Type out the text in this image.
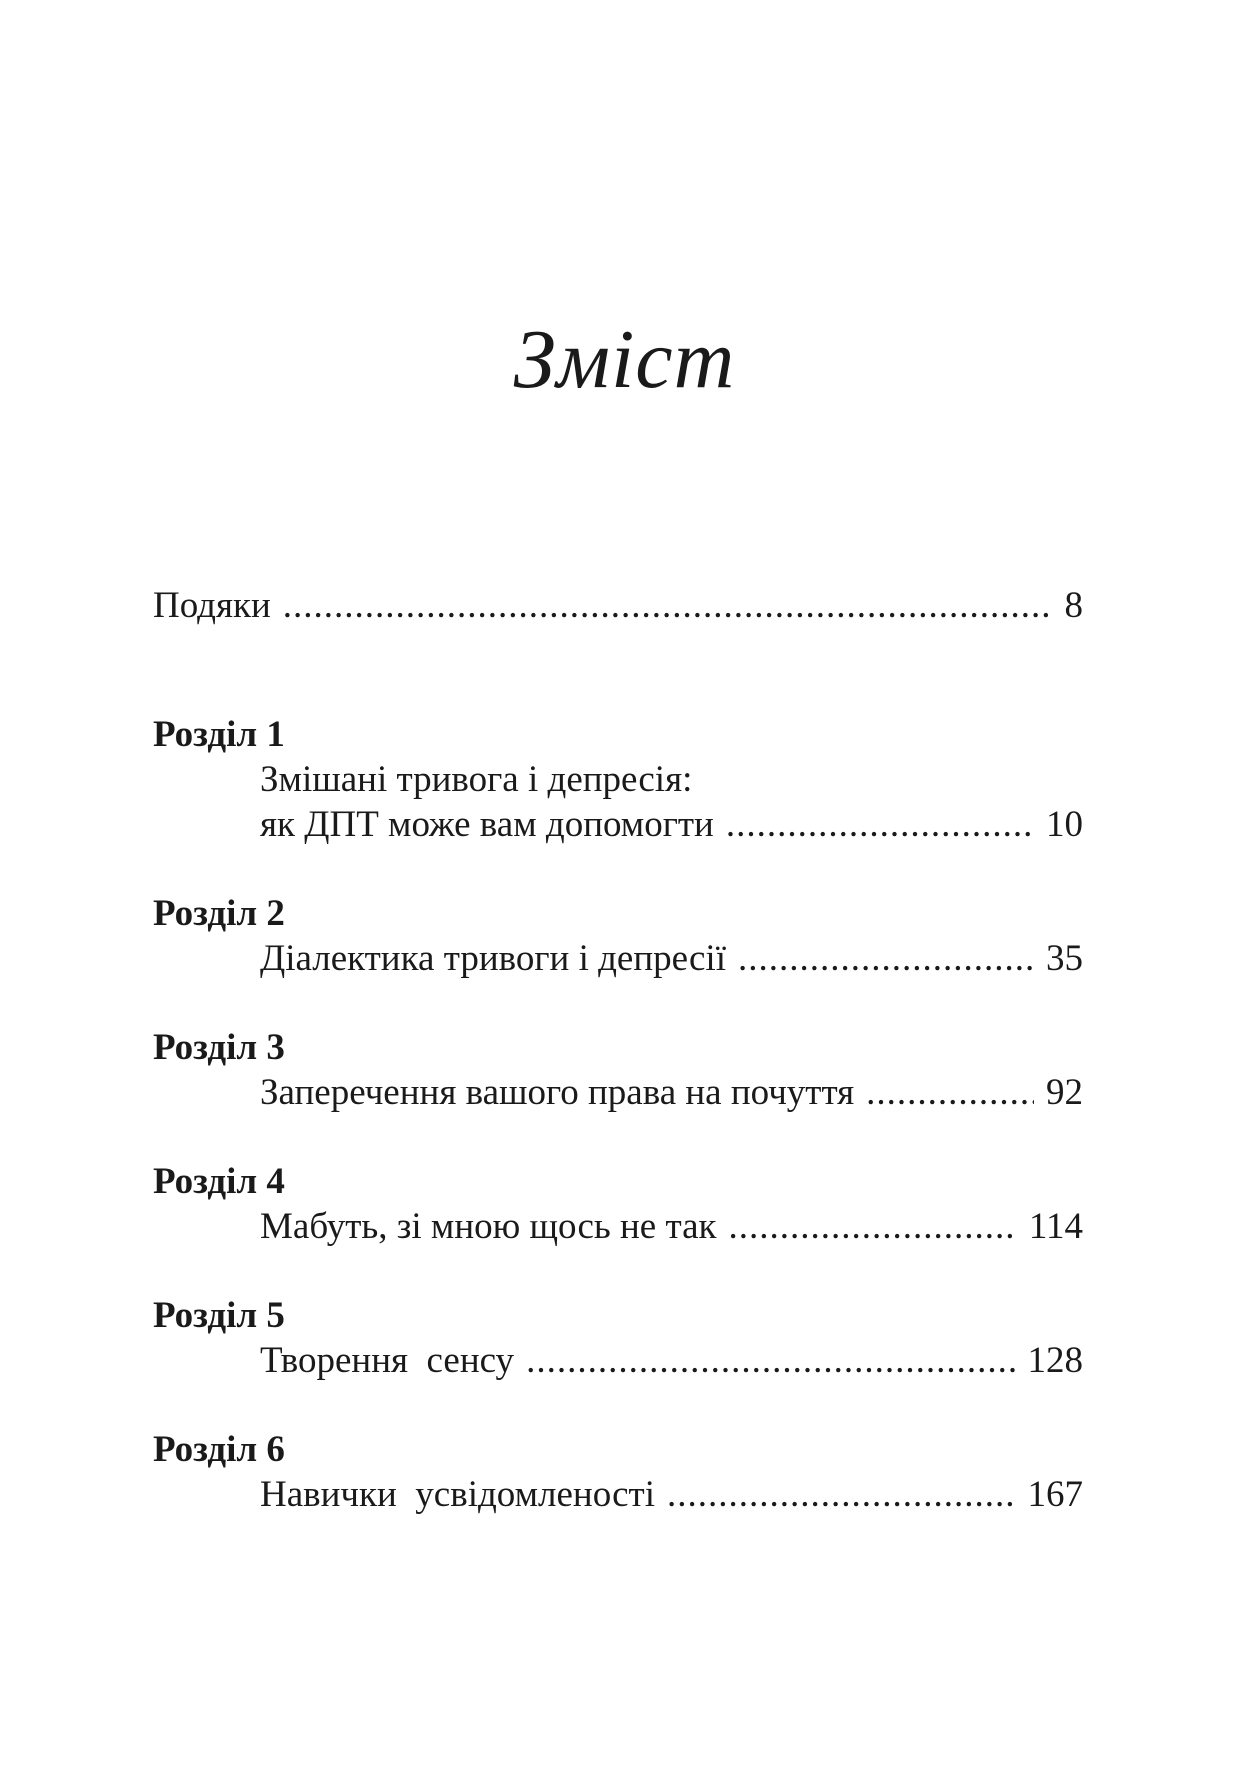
Зміст
Подяки .....	8
Розділ 1
Змішані тривога і депресія:
як ДПТ може вам допомогти .....	10
Розділ 2
Діалектика тривоги і депресії .....	35
Розділ 3
Заперечення вашого права на почуття .....	92
Розділ 4
Мабуть, зі мною щось не так .....	114
Розділ 5
Творення  сенсу .....	128
Розділ 6
Навички  усвідомленості .....	167
